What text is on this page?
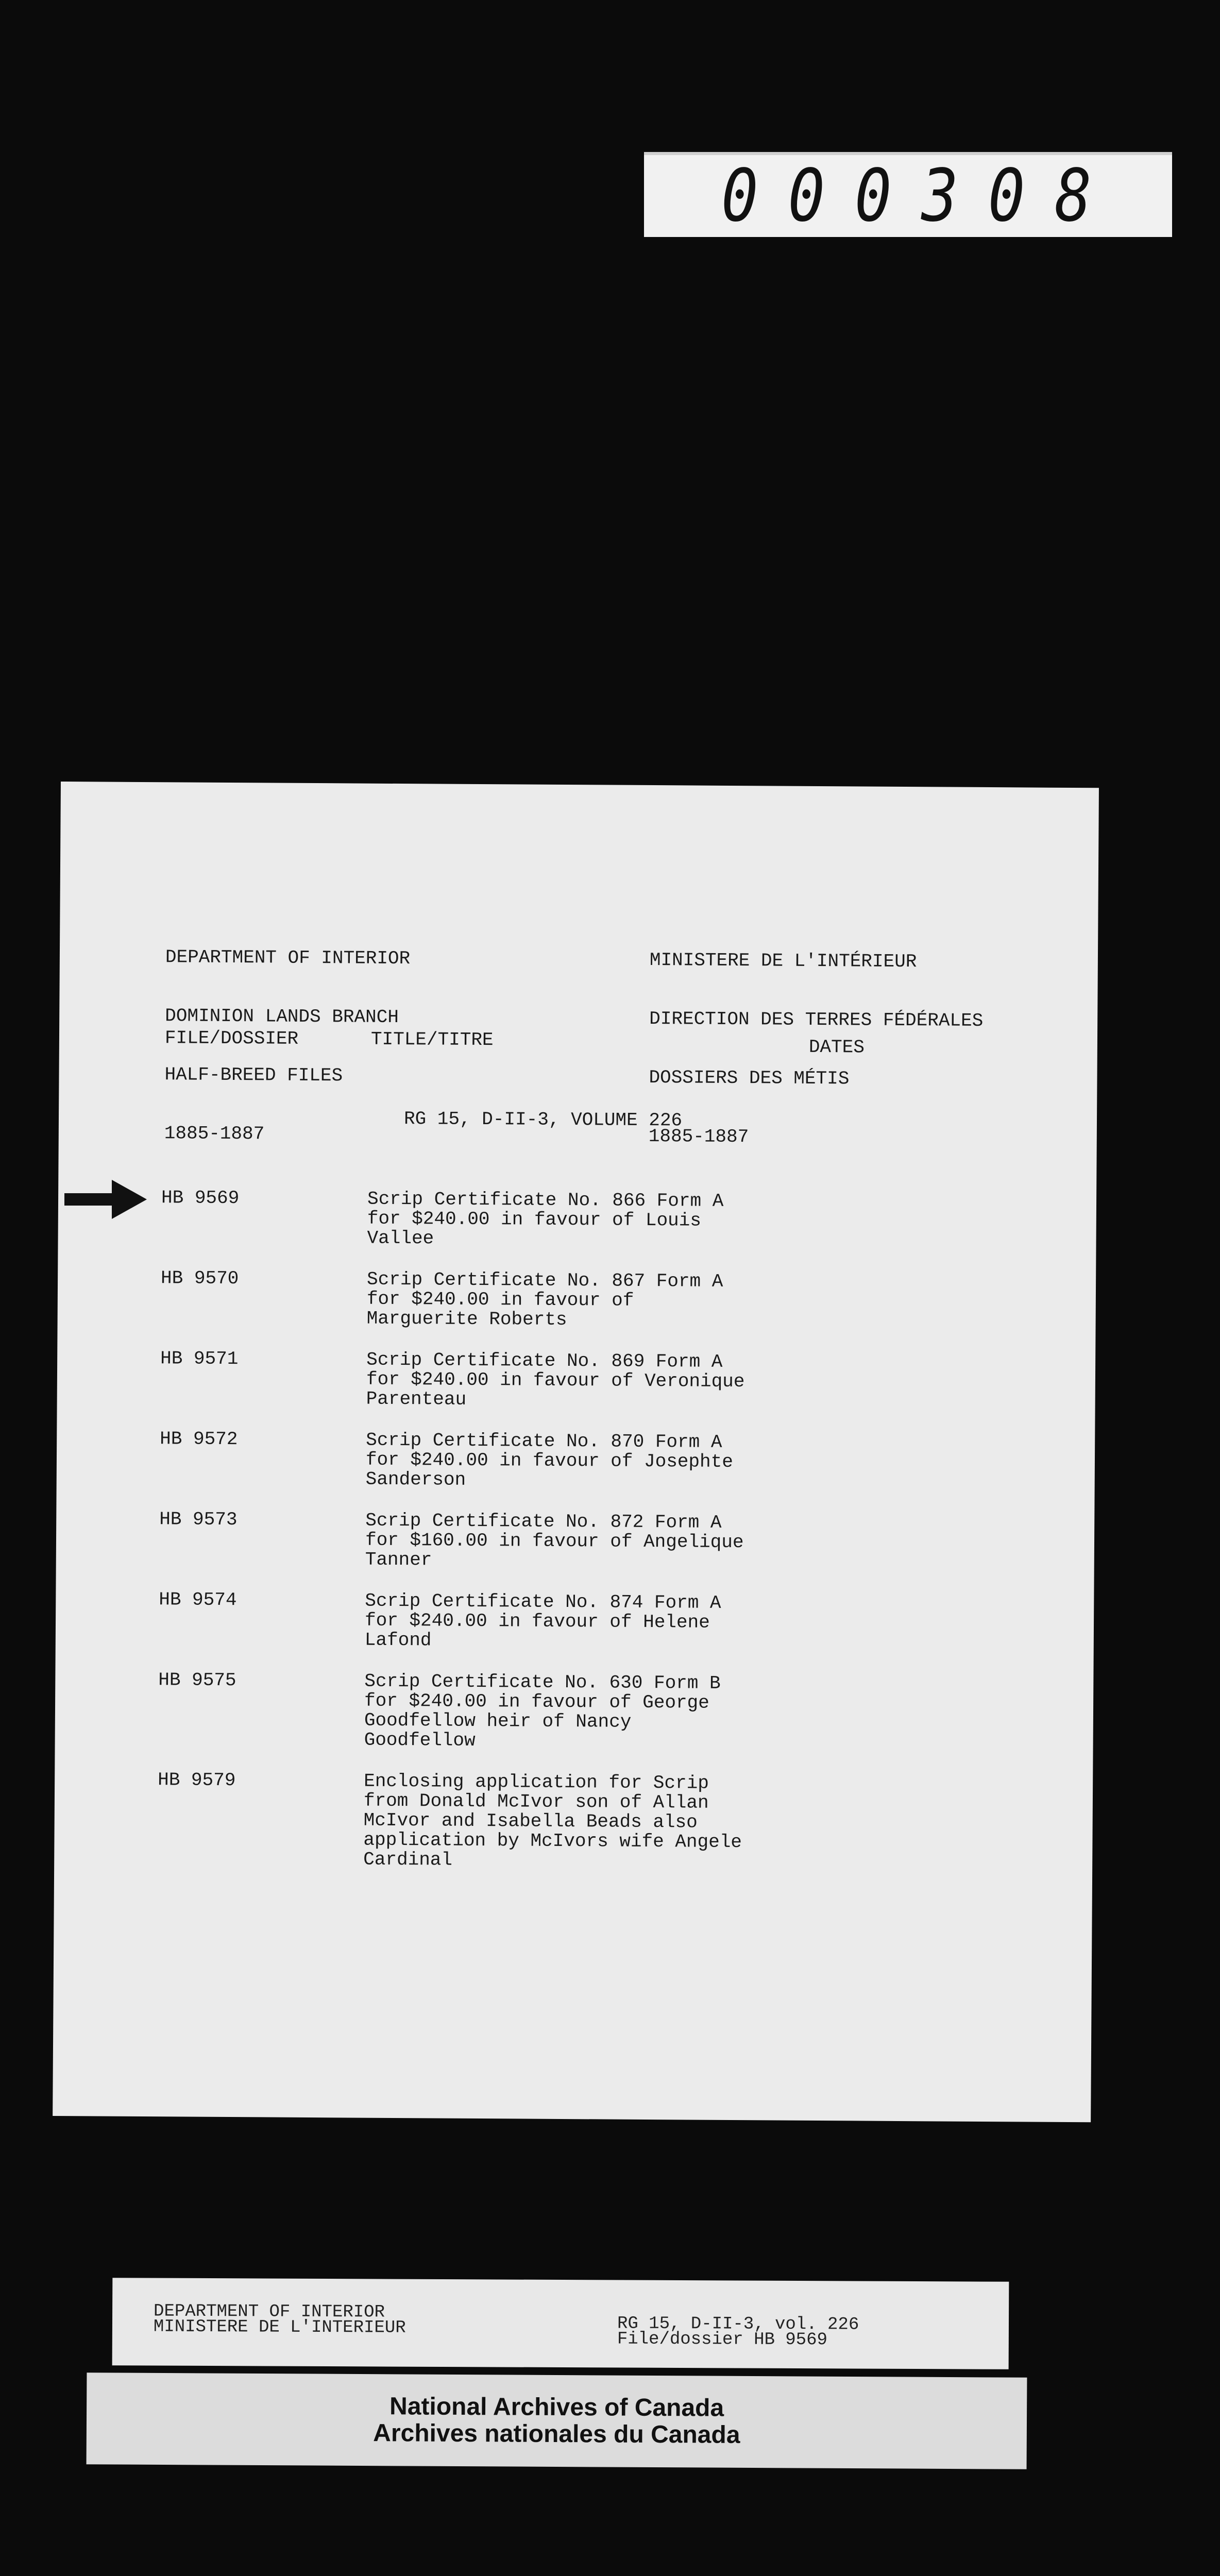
000308

DEPARTMENT OF INTERIOR

DOMINION LANDS BRANCH

HALF-BREED FILES

1885-1887

MINISTERE DE L'INTÉRIEUR

DIRECTION DES TERRES FÉDÉRALES

DOSSIERS DES MÉTIS

1885-1887

FILE/DOSSIER	TITLE/TITRE	DATES
RG 15, D-II-3, VOLUME 226
HB 9569	Scrip Certificate No. 866 Form A
for $240.00 in favour of Louis
Vallee
HB 9570	Scrip Certificate No. 867 Form A
for $240.00 in favour of
Marguerite Roberts
HB 9571	Scrip Certificate No. 869 Form A
for $240.00 in favour of Veronique
Parenteau
HB 9572	Scrip Certificate No. 870 Form A
for $240.00 in favour of Josephte
Sanderson
HB 9573	Scrip Certificate No. 872 Form A
for $160.00 in favour of Angelique
Tanner
HB 9574	Scrip Certificate No. 874 Form A
for $240.00 in favour of Helene
Lafond
HB 9575	Scrip Certificate No. 630 Form B
for $240.00 in favour of George
Goodfellow heir of Nancy
Goodfellow
HB 9579	Enclosing application for Scrip
from Donald McIvor son of Allan
McIvor and Isabella Beads also
application by McIvors wife Angele
Cardinal
DEPARTMENT OF INTERIOR
MINISTERE DE L'INTERIEUR	RG 15, D-II-3, vol. 226
File/dossier HB 9569
National Archives of Canada
Archives nationales du Canada
